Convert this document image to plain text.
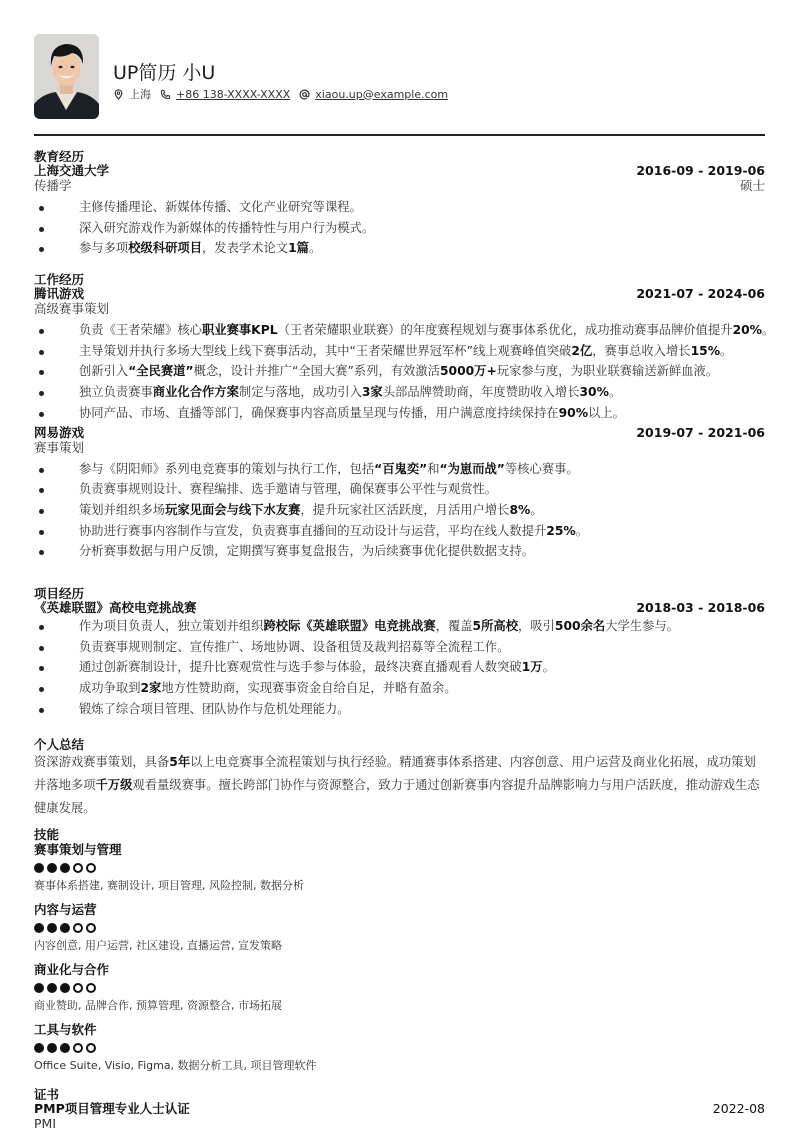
UP简历 小U
上海 +86 138-XXXX-XXXX xiaou.up@example.com
教育经历
上海交通大学	2016-09 - 2019-06
传播学	硕士
主修传播理论、新媒体传播、文化产业研究等课程。
深入研究游戏作为新媒体的传播特性与用户行为模式。
参与多项校级科研项目，发表学术论文1篇。
工作经历
腾讯游戏	2021-07 - 2024-06
高级赛事策划
负责《王者荣耀》核心职业赛事KPL（王者荣耀职业联赛）的年度赛程规划与赛事体系优化，成功推动赛事品牌价值提升20%。
主导策划并执行多场大型线上线下赛事活动，其中“王者荣耀世界冠军杯”线上观赛峰值突破2亿，赛事总收入增长15%。
创新引入“全民赛道”概念，设计并推广“全国大赛”系列，有效激活5000万+玩家参与度，为职业联赛输送新鲜血液。
独立负责赛事商业化合作方案制定与落地，成功引入3家头部品牌赞助商，年度赞助收入增长30%。
协同产品、市场、直播等部门，确保赛事内容高质量呈现与传播，用户满意度持续保持在90%以上。
网易游戏	2019-07 - 2021-06
赛事策划
参与《阴阳师》系列电竞赛事的策划与执行工作，包括“百鬼奕”和“为崽而战”等核心赛事。
负责赛事规则设计、赛程编排、选手邀请与管理，确保赛事公平性与观赏性。
策划并组织多场玩家见面会与线下水友赛，提升玩家社区活跃度，月活用户增长8%。
协助进行赛事内容制作与宣发，负责赛事直播间的互动设计与运营，平均在线人数提升25%。
分析赛事数据与用户反馈，定期撰写赛事复盘报告，为后续赛事优化提供数据支持。
项目经历
《英雄联盟》高校电竞挑战赛	2018-03 - 2018-06
作为项目负责人，独立策划并组织跨校际《英雄联盟》电竞挑战赛，覆盖5所高校，吸引500余名大学生参与。
负责赛事规则制定、宣传推广、场地协调、设备租赁及裁判招募等全流程工作。
通过创新赛制设计，提升比赛观赏性与选手参与体验，最终决赛直播观看人数突破1万。
成功争取到2家地方性赞助商，实现赛事资金自给自足，并略有盈余。
锻炼了综合项目管理、团队协作与危机处理能力。
个人总结
资深游戏赛事策划，具备5年以上电竞赛事全流程策划与执行经验。精通赛事体系搭建、内容创意、用户运营及商业化拓展，成功策划并落地多项千万级观看量级赛事。擅长跨部门协作与资源整合，致力于通过创新赛事内容提升品牌影响力与用户活跃度，推动游戏生态健康发展。
技能
赛事策划与管理
赛事体系搭建, 赛制设计, 项目管理, 风险控制, 数据分析
内容与运营
内容创意, 用户运营, 社区建设, 直播运营, 宣发策略
商业化与合作
商业赞助, 品牌合作, 预算管理, 资源整合, 市场拓展
工具与软件
Office Suite, Visio, Figma, 数据分析工具, 项目管理软件
证书
PMP项目管理专业人士认证	2022-08
PMI
